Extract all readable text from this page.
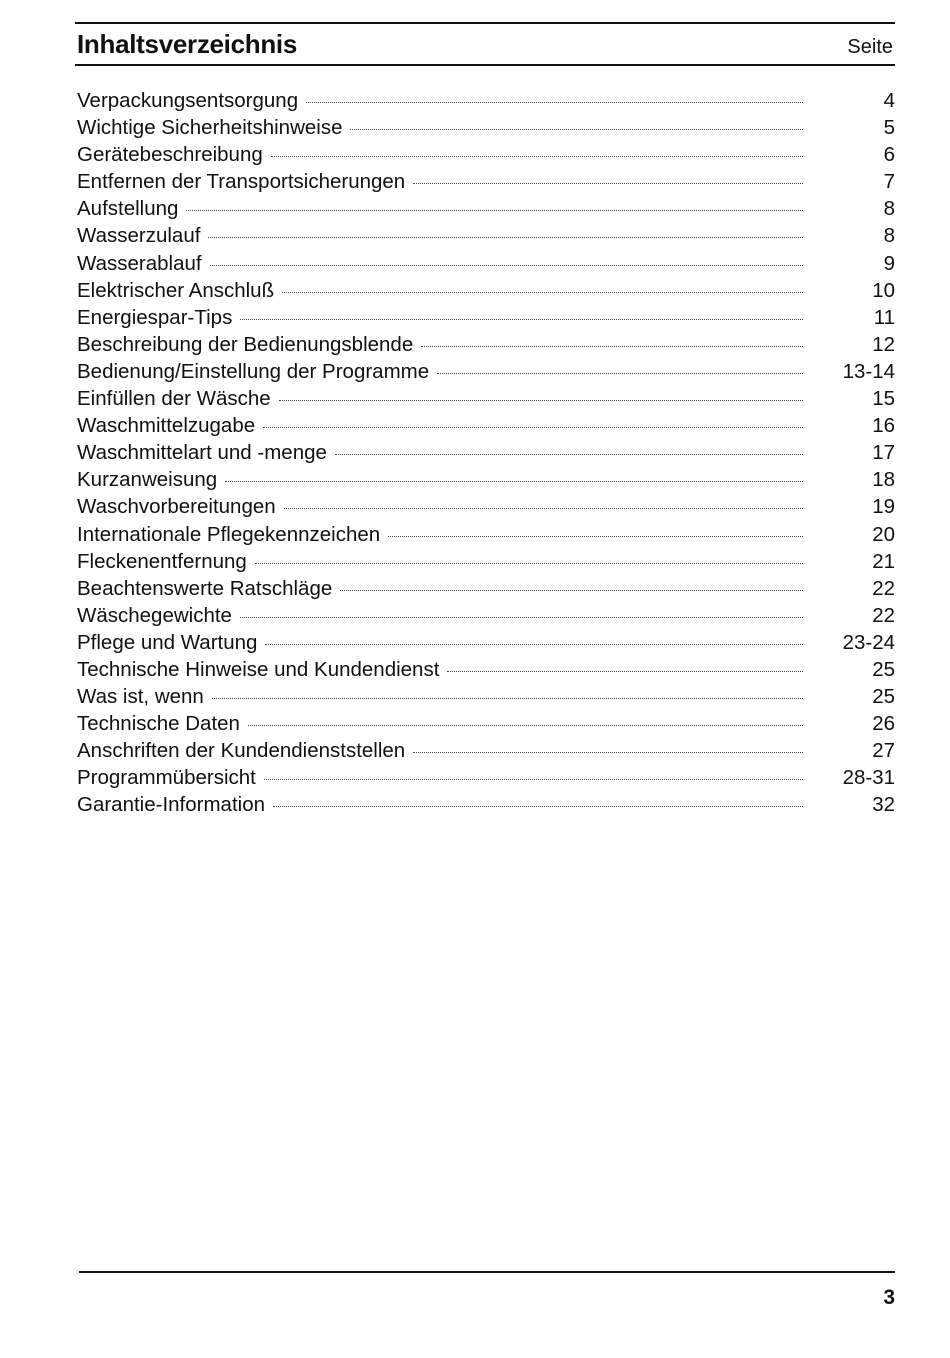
Inhaltsverzeichnis	Seite
Verpackungsentsorgung	4
Wichtige Sicherheitshinweise	5
Gerätebeschreibung	6
Entfernen der Transportsicherungen	7
Aufstellung	8
Wasserzulauf	8
Wasserablauf	9
Elektrischer Anschluß	10
Energiespar-Tips	11
Beschreibung der Bedienungsblende	12
Bedienung/Einstellung der Programme	13-14
Einfüllen der Wäsche	15
Waschmittelzugabe	16
Waschmittelart und -menge	17
Kurzanweisung	18
Waschvorbereitungen	19
Internationale Pflegekennzeichen	20
Fleckenentfernung	21
Beachtenswerte Ratschläge	22
Wäschegewichte	22
Pflege und Wartung	23-24
Technische Hinweise und Kundendienst	25
Was ist, wenn	25
Technische Daten	26
Anschriften der Kundendienststellen	27
Programmübersicht	28-31
Garantie-Information	32
3
